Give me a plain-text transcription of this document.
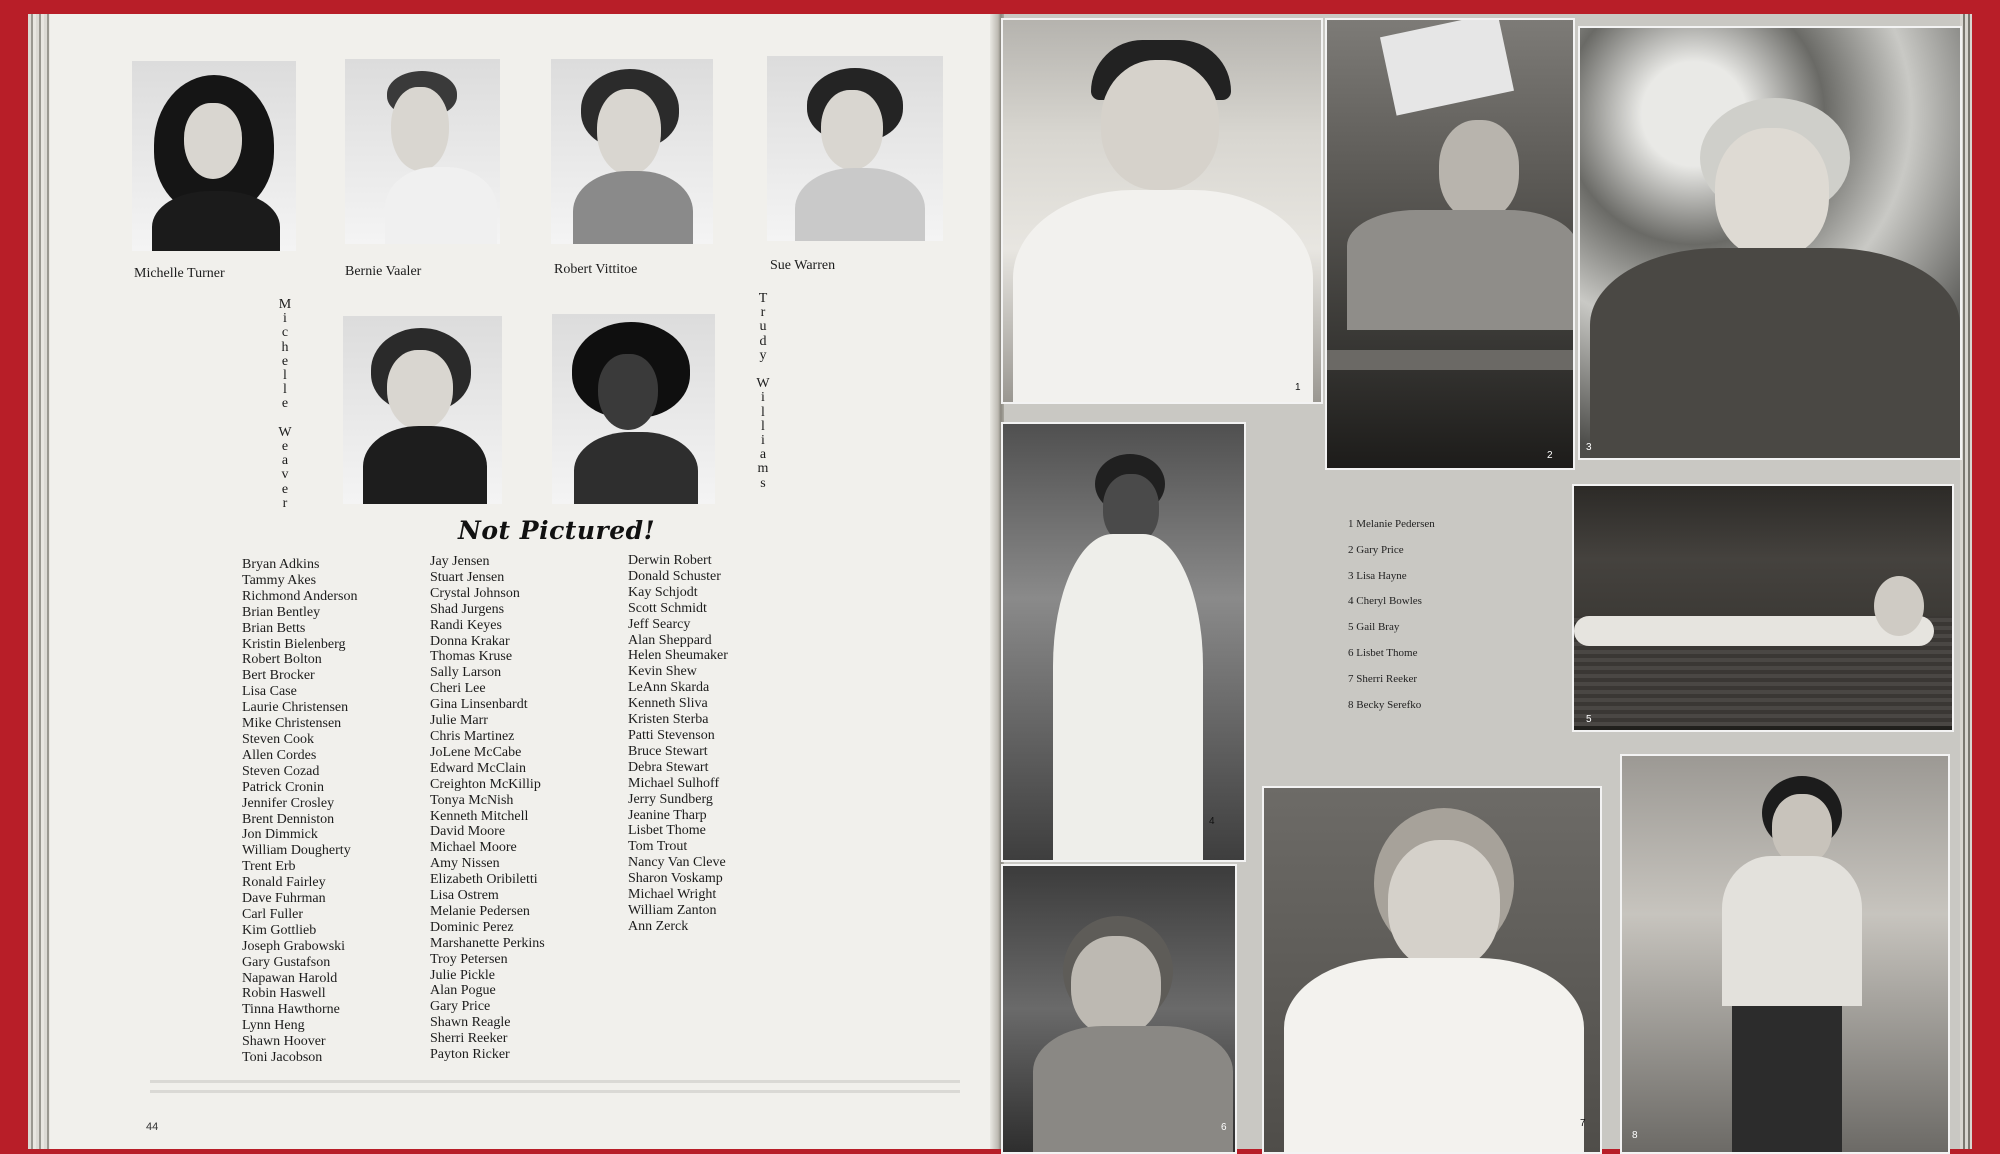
Michelle Turner	Bernie Vaaler	Robert Vittitoe	Sue Warren
M
i
c
h
e
l
l
e

W
e
a
v
e
r
T
r
u
d
y

W
i
l
l
i
a
m
s
Not Pictured!
Bryan Adkins
Tammy Akes
Richmond Anderson
Brian Bentley
Brian Betts
Kristin Bielenberg
Robert Bolton
Bert Brocker
Lisa Case
Laurie Christensen
Mike Christensen
Steven Cook
Allen Cordes
Steven Cozad
Patrick Cronin
Jennifer Crosley
Brent Denniston
Jon Dimmick
William Dougherty
Trent Erb
Ronald Fairley
Dave Fuhrman
Carl Fuller
Kim Gottlieb
Joseph Grabowski
Gary Gustafson
Napawan Harold
Robin Haswell
Tinna Hawthorne
Lynn Heng
Shawn Hoover
Toni Jacobson
Jay Jensen
Stuart Jensen
Crystal Johnson
Shad Jurgens
Randi Keyes
Donna Krakar
Thomas Kruse
Sally Larson
Cheri Lee
Gina Linsenbardt
Julie Marr
Chris Martinez
JoLene McCabe
Edward McClain
Creighton McKillip
Tonya McNish
Kenneth Mitchell
David Moore
Michael Moore
Amy Nissen
Elizabeth Oribiletti
Lisa Ostrem
Melanie Pedersen
Dominic Perez
Marshanette Perkins
Troy Petersen
Julie Pickle
Alan Pogue
Gary Price
Shawn Reagle
Sherri Reeker
Payton Ricker
Derwin Robert
Donald Schuster
Kay Schjodt
Scott Schmidt
Jeff Searcy
Alan Sheppard
Helen Sheumaker
Kevin Shew
LeAnn Skarda
Kenneth Sliva
Kristen Sterba
Patti Stevenson
Bruce Stewart
Debra Stewart
Michael Sulhoff
Jerry Sundberg
Jeanine Tharp
Lisbet Thome
Tom Trout
Nancy Van Cleve
Sharon Voskamp
Michael Wright
William Zanton
Ann Zerck
44
1
2
3
4
5
6	7
8
1 Melanie Pedersen
2 Gary Price
3 Lisa Hayne
4 Cheryl Bowles
5 Gail Bray
6 Lisbet Thome
7 Sherri Reeker
8 Becky Serefko
